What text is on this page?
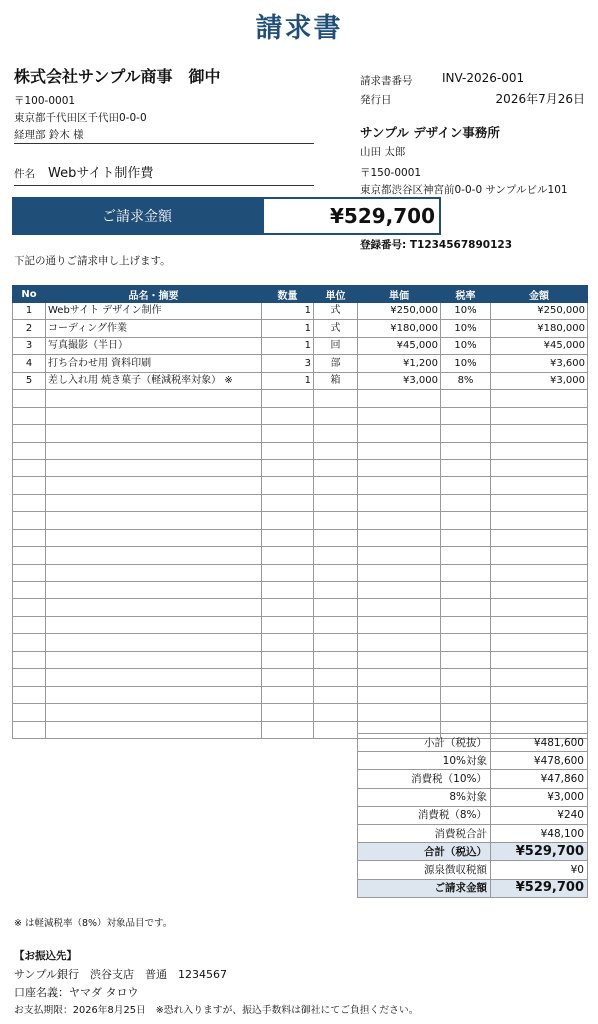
請求書
株式会社サンプル商事　御中
〒100-0001
東京都千代田区千代田0-0-0
経理部 鈴木 様
件名 Webサイト制作費
請求書番号 INV-2026-001
発行日	2026年7月26日
サンプル デザイン事務所
山田 太郎
〒150-0001
東京都渋谷区神宮前0-0-0 サンプルビル101
ご請求金額	¥529,700
登録番号: T1234567890123
下記の通りご請求申し上げます。
No	品名・摘要	数量	単位	単価	税率	金額
1	Webサイト デザイン制作	1	式	¥250,000	10%	¥250,000
2	コーディング作業	1	式	¥180,000	10%	¥180,000
3	写真撮影（半日）	1	回	¥45,000	10%	¥45,000
4	打ち合わせ用 資料印刷	3	部	¥1,200	10%	¥3,600
5	差し入れ用 焼き菓子（軽減税率対象） ※	1	箱	¥3,000	8%	¥3,000

小計（税抜）	¥481,600
10%対象	¥478,600
消費税（10%）	¥47,860
8%対象	¥3,000
消費税（8%）	¥240
消費税合計	¥48,100
合計（税込）	¥529,700
源泉徴収税額	¥0
ご請求金額	¥529,700
※ は軽減税率（8%）対象品目です。
【お振込先】
サンプル銀行　渋谷支店　普通　1234567
口座名義：ヤマダ タロウ
お支払期限：2026年8月25日　※恐れ入りますが、振込手数料は御社にてご負担ください。
